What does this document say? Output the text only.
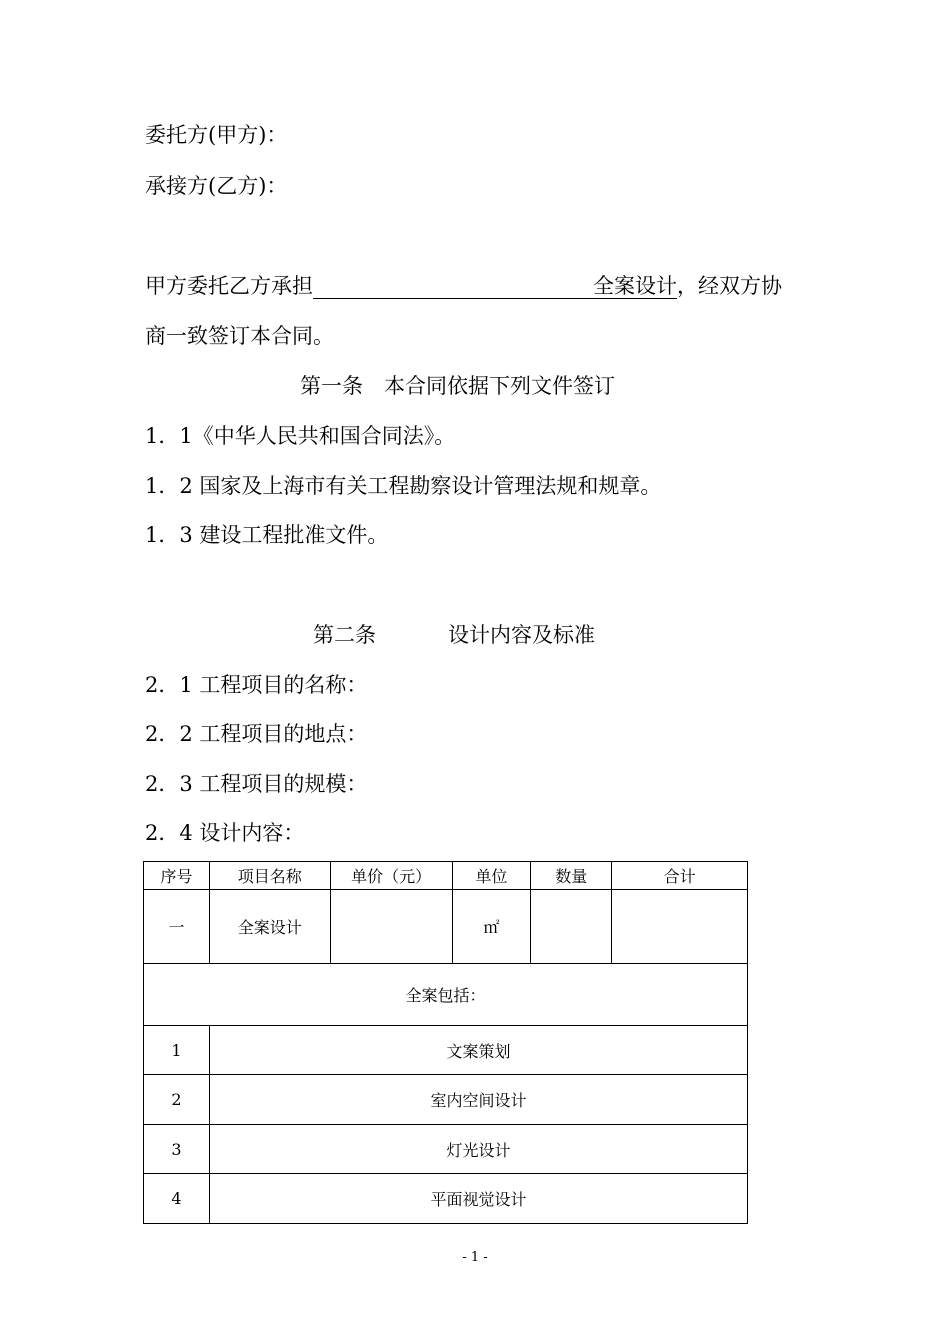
委托方(甲方)：
承接方(乙方)：
甲方委托乙方承担	全案设计，经双方协
商一致签订本合同。
第一条　本合同依据下列文件签订
1．1《中华人民共和国合同法》。
1．2 国家及上海市有关工程勘察设计管理法规和规章。
1．3 建设工程批准文件。
第二条	设计内容及标准
2．1 工程项目的名称：
2．2 工程项目的地点：
2．3 工程项目的规模：
2．4 设计内容：
序号	项目名称	单价（元）	单位	数量	合计
一	全案设计		㎡		
全案包括：					
1	文案策划				
2	室内空间设计				
3	灯光设计				
4	平面视觉设计				
- 1 -
